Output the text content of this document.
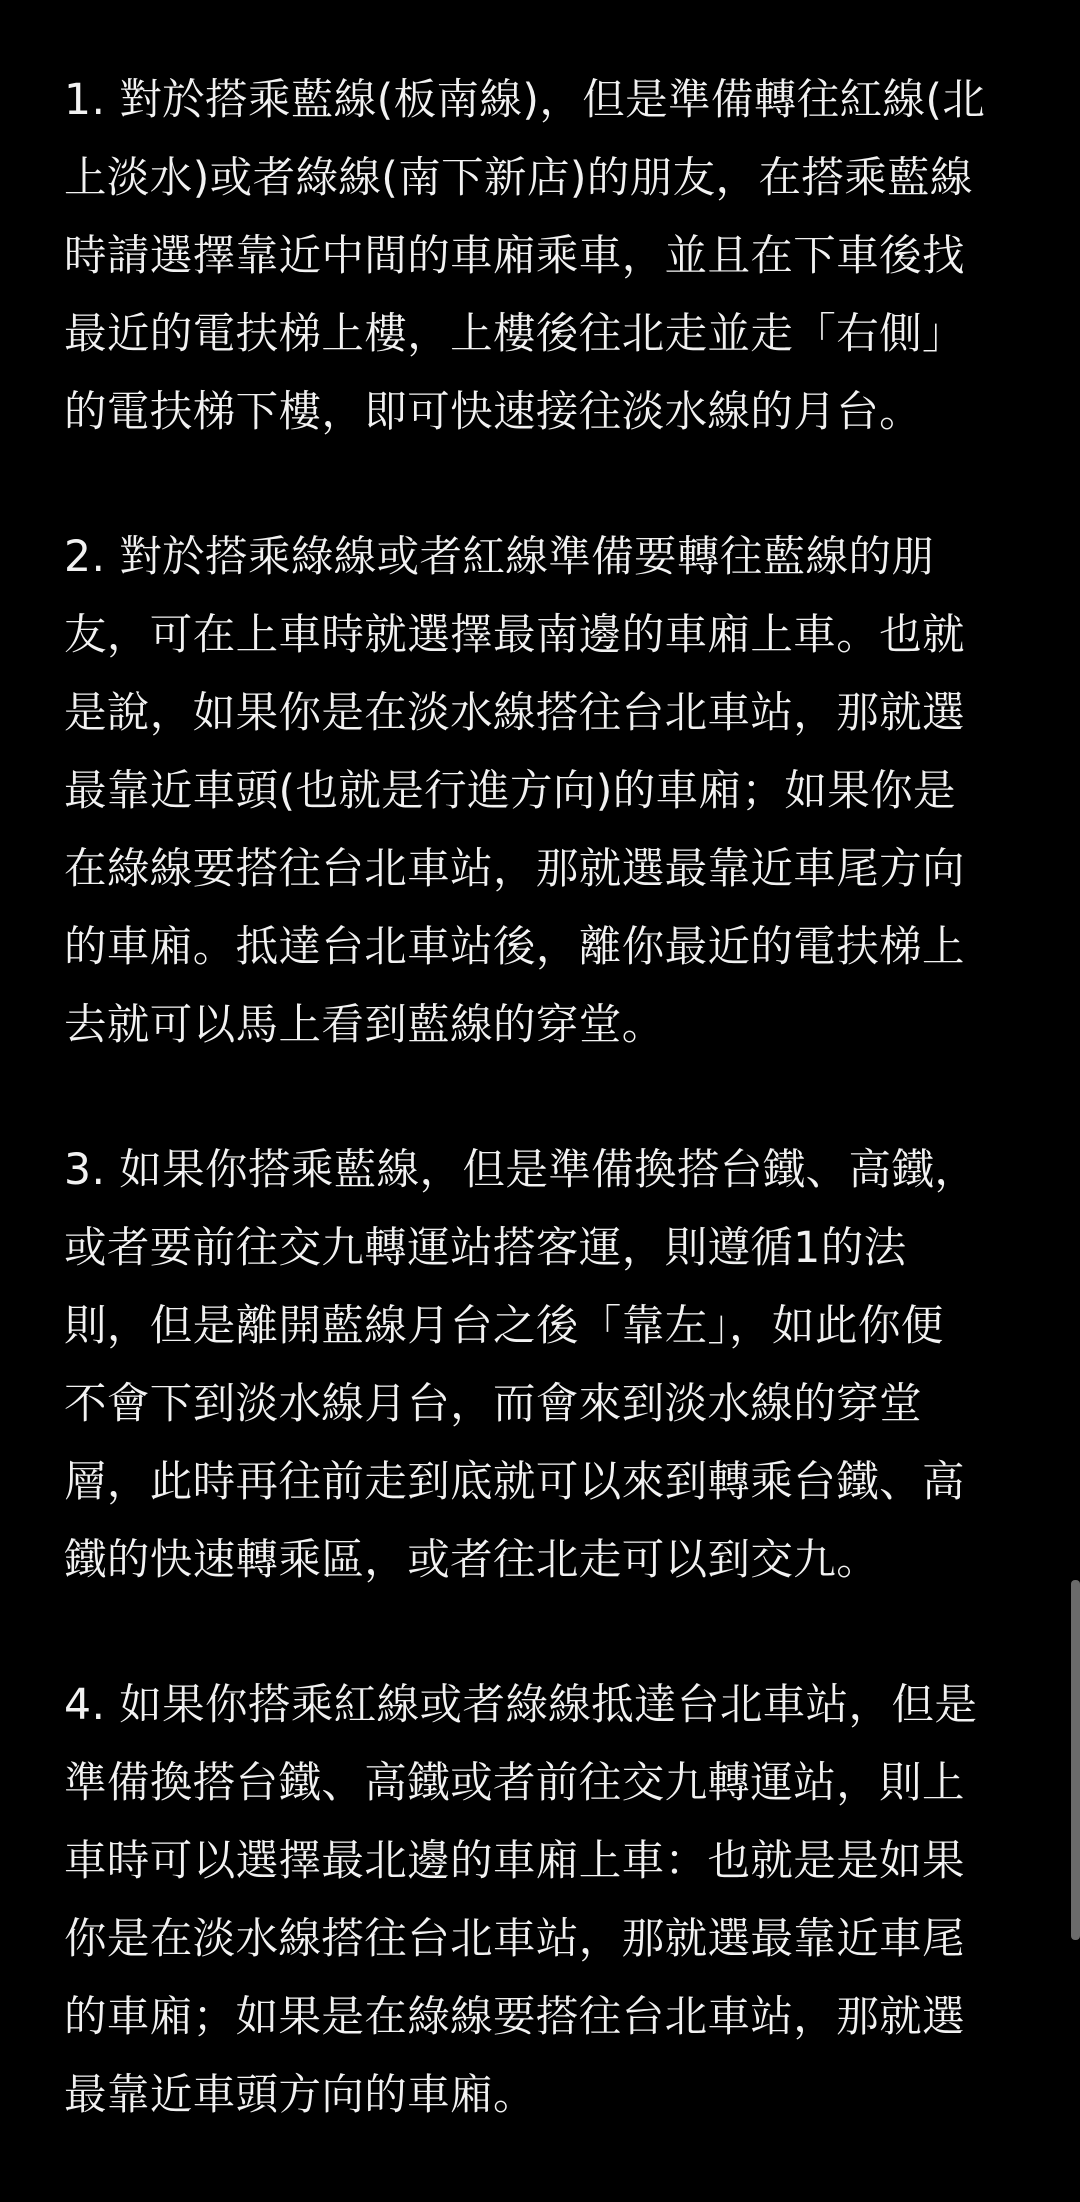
1. 對於搭乘藍線(板南線)，但是準備轉往紅線(北
上淡水)或者綠線(南下新店)的朋友，在搭乘藍線
時請選擇靠近中間的車廂乘車，並且在下車後找
最近的電扶梯上樓，上樓後往北走並走「右側」
的電扶梯下樓，即可快速接往淡水線的月台。
2. 對於搭乘綠線或者紅線準備要轉往藍線的朋
友，可在上車時就選擇最南邊的車廂上車。也就
是說，如果你是在淡水線搭往台北車站，那就選
最靠近車頭(也就是行進方向)的車廂；如果你是
在綠線要搭往台北車站，那就選最靠近車尾方向
的車廂。抵達台北車站後，離你最近的電扶梯上
去就可以馬上看到藍線的穿堂。
3. 如果你搭乘藍線，但是準備換搭台鐵、高鐵，
或者要前往交九轉運站搭客運，則遵循1的法
則，但是離開藍線月台之後「靠左」，如此你便
不會下到淡水線月台，而會來到淡水線的穿堂
層，此時再往前走到底就可以來到轉乘台鐵、高
鐵的快速轉乘區，或者往北走可以到交九。
4. 如果你搭乘紅線或者綠線抵達台北車站，但是
準備換搭台鐵、高鐵或者前往交九轉運站，則上
車時可以選擇最北邊的車廂上車：也就是是如果
你是在淡水線搭往台北車站，那就選最靠近車尾
的車廂；如果是在綠線要搭往台北車站，那就選
最靠近車頭方向的車廂。
